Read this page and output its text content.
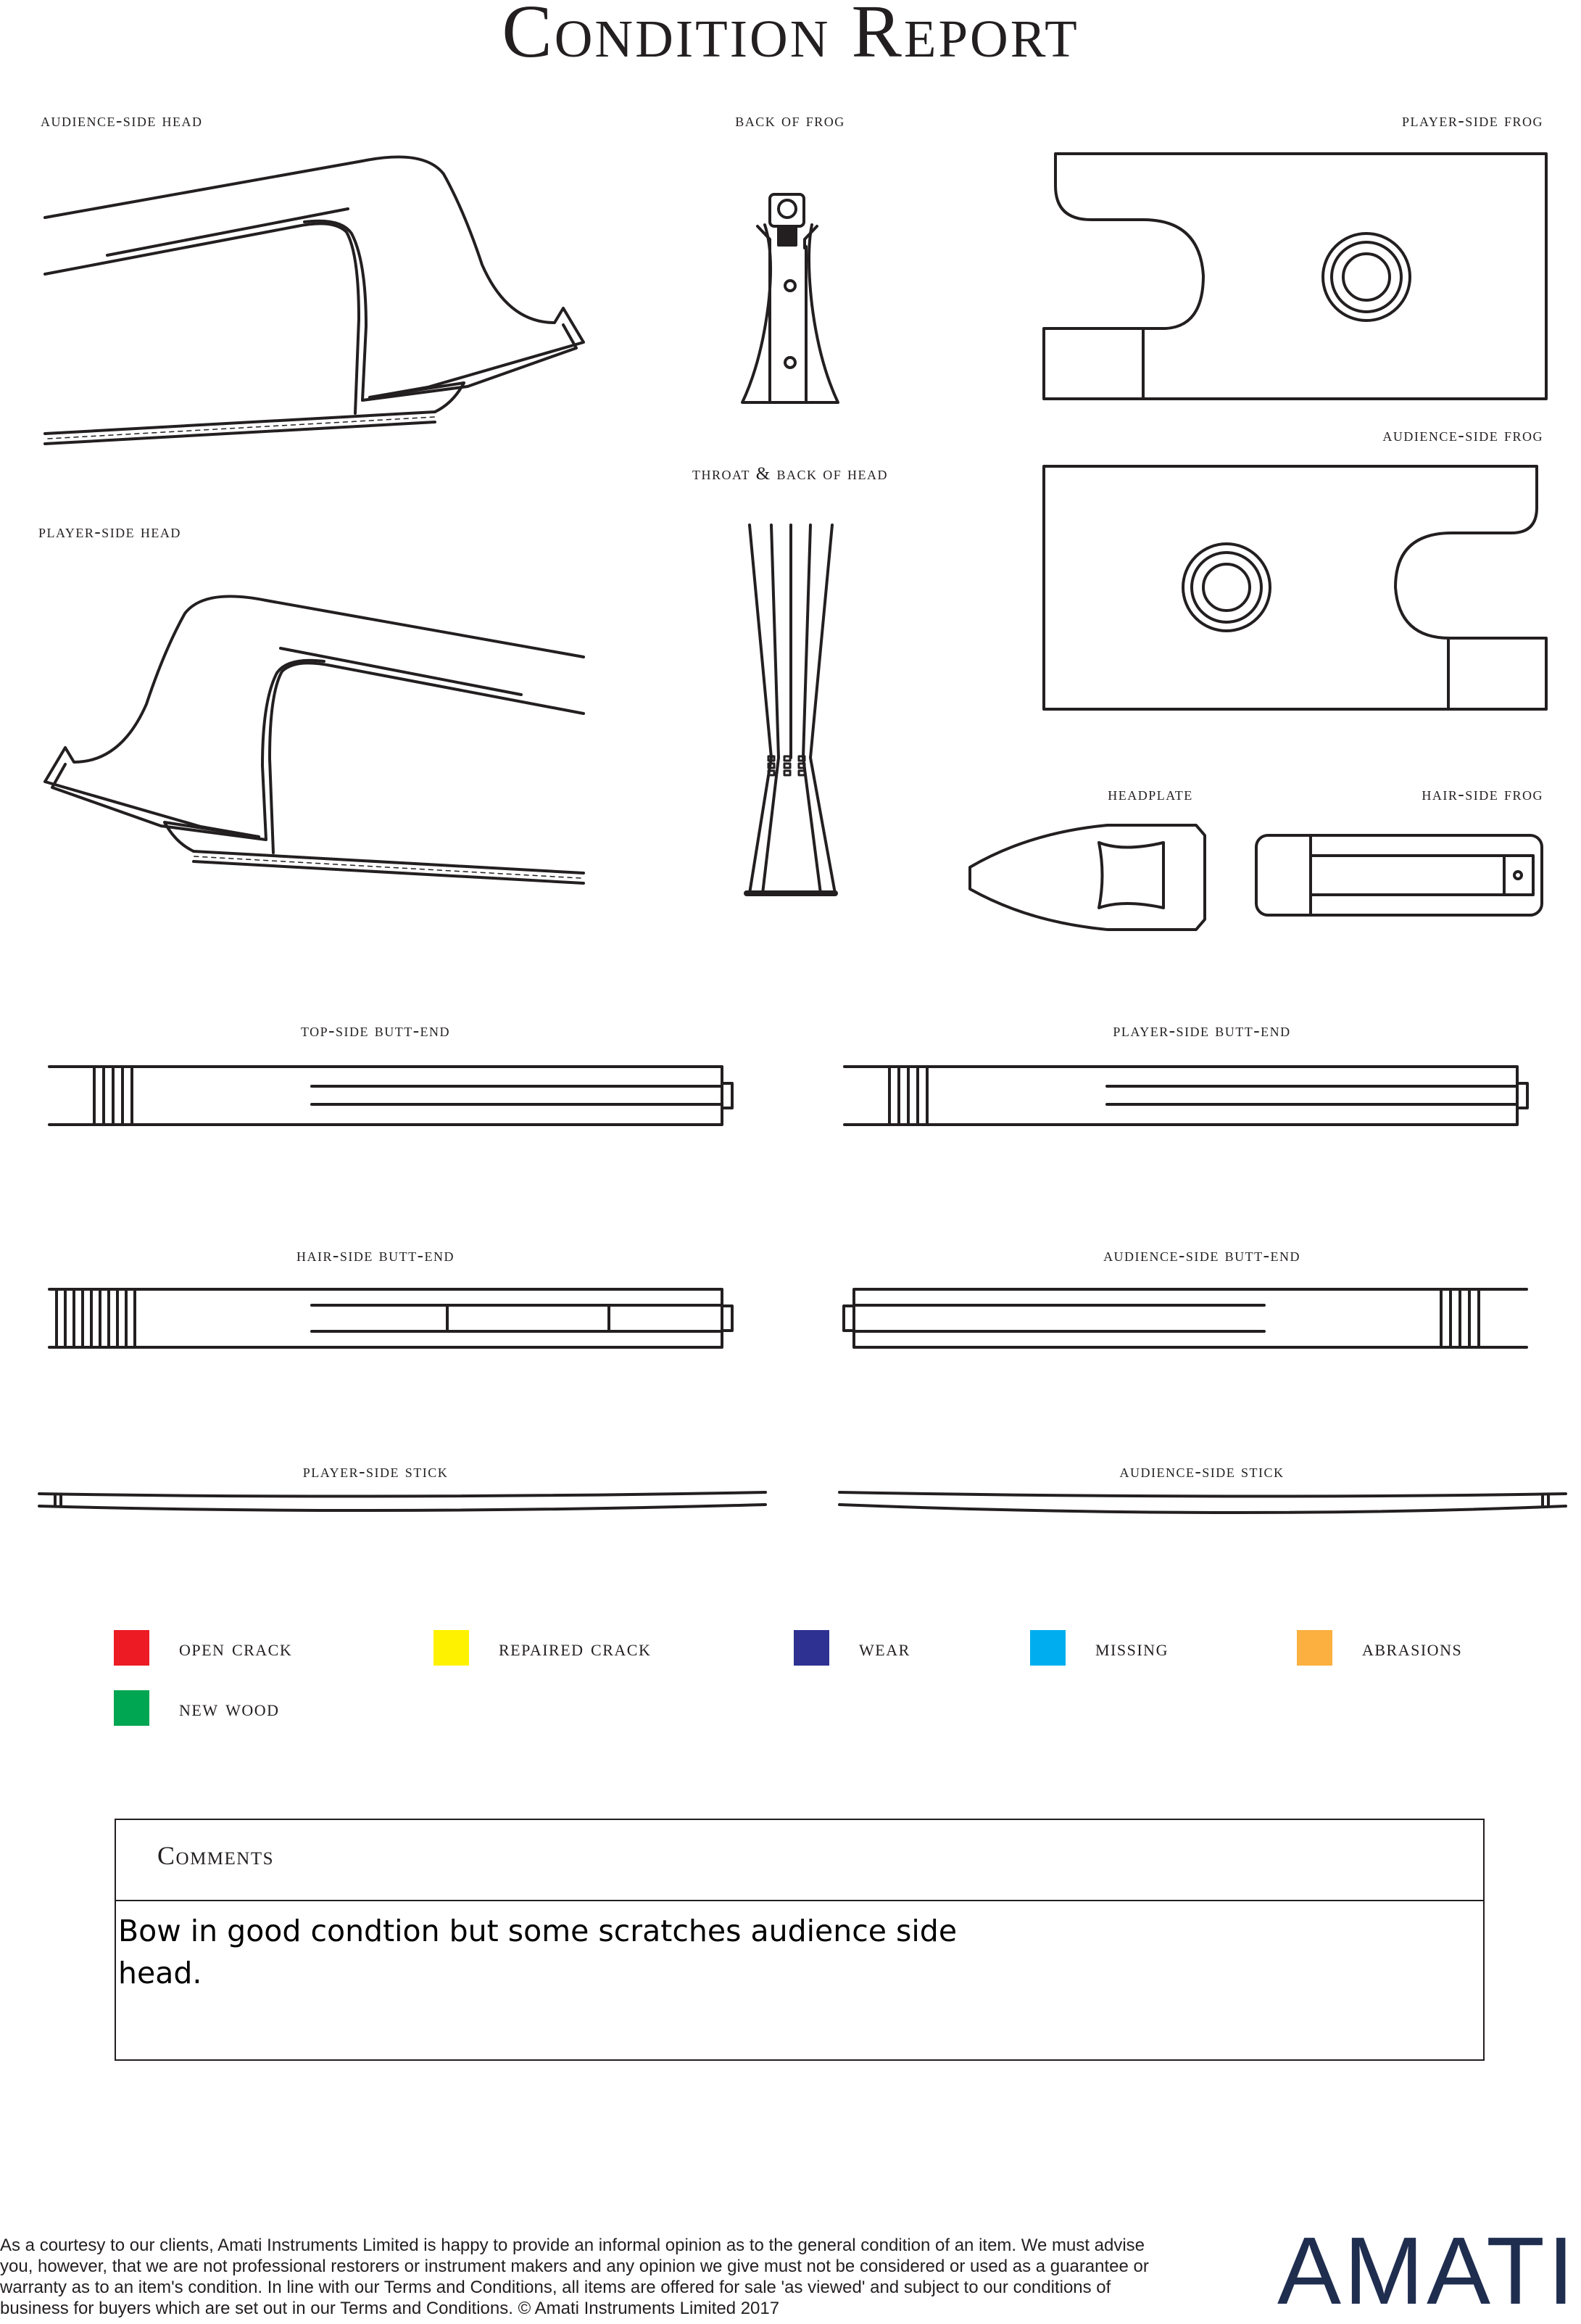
Condition Report
audience-side head	back of frog	player-side frog
audience-side frog
throat & back of head
player-side head
headplate	hair-side frog
top-side butt-end	player-side butt-end
hair-side butt-end	audience-side butt-end
player-side stick	audience-side stick
open crack	repaired crack	wear	missing	abrasions
new wood
Comments
Bow in good condtion but some scratches audience side head.
As a courtesy to our clients, Amati Instruments Limited is happy to provide an informal opinion as to the general condition of an item. We must advise you, however, that we are not professional restorers or instrument makers and any opinion we give must not be considered or used as a guarantee or warranty as to an item's condition. In line with our Terms and Conditions, all items are offered for sale 'as viewed' and subject to our conditions of business for buyers which are set out in our Terms and Conditions. © Amati Instruments Limited 2017	AMATI
